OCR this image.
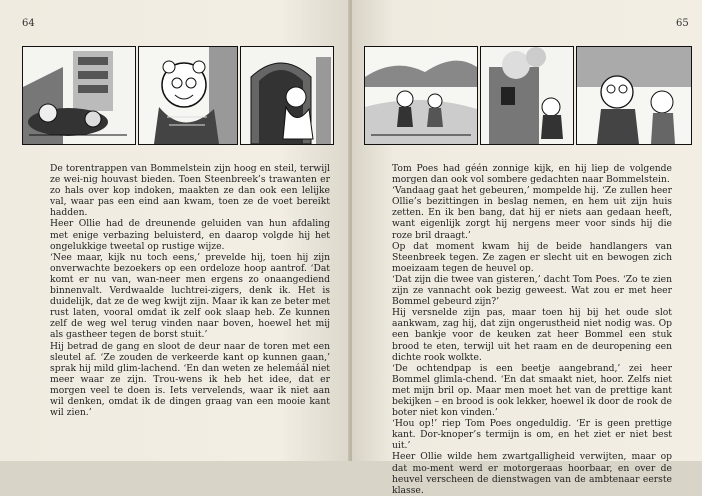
64

De torentrappen van Bommelstein zijn hoog en steil, terwijl ze wei-nig houvast bieden. Toen Steenbreek’s trawanten er zo hals over kop indoken, maakten ze dan ook een lelijke val, waar pas een eind aan kwam, toen ze de voet bereikt hadden.

Heer Ollie had de dreunende geluiden van hun afdaling met enige verbazing beluisterd, en daarop volgde hij het ongelukkige tweetal op rustige wijze.

‘Nee maar, kijk nu toch eens,’ prevelde hij, toen hij zijn onverwachte bezoekers op een ordeloze hoop aantrof. ‘Dat komt er nu van, wan-neer men ergens zo onaangediend binnenvalt. Verdwaalde luchtrei-zigers, denk ik. Het is duidelijk, dat ze de weg kwijt zijn. Maar ik kan ze beter met rust laten, vooral omdat ik zelf ook slaap heb. Ze kunnen zelf de weg wel terug vinden naar boven, hoewel het mij als gastheer tegen de borst stuit.’

Hij betrad de gang en sloot de deur naar de toren met een sleutel af. ‘Ze zouden de verkeerde kant op kunnen gaan,’ sprak hij mild glim-lachend. ‘En dan weten ze helemáál niet meer waar ze zijn. Trou-wens ik heb het idee, dat er morgen veel te doen is. Iets vervelends, waar ik niet aan wil denken, omdat ik de dingen graag van een mooie kant wil zien.’

65

Tom Poes had géén zonnige kijk, en hij liep de volgende morgen dan ook vol sombere gedachten naar Bommelstein.

‘Vandaag gaat het gebeuren,’ mompelde hij. ‘Ze zullen heer Ollie’s bezittingen in beslag nemen, en hem uit zijn huis zetten. En ik ben bang, dat hij er niets aan gedaan heeft, want eigenlijk zorgt hij nergens meer voor sinds hij die roze bril draagt.’

Op dat moment kwam hij de beide handlangers van Steenbreek tegen. Ze zagen er slecht uit en bewogen zich moeizaam tegen de heuvel op.

‘Dat zijn die twee van gisteren,’ dacht Tom Poes. ‘Zo te zien zijn ze vannacht ook bezig geweest. Wat zou er met heer Bommel gebeurd zijn?’

Hij versnelde zijn pas, maar toen hij bij het oude slot aankwam, zag hij, dat zijn ongerustheid niet nodig was. Op een bankje voor de keuken zat heer Bommel een stuk brood te eten, terwijl uit het raam en de deuropening een dichte rook wolkte.

‘De ochtendpap is een beetje aangebrand,’ zei heer Bommel glimla-chend. ‘En dat smaakt niet, hoor. Zelfs niet met mijn bril op. Maar men moet het van de prettige kant bekijken – en brood is ook lekker, hoewel ik door de rook de boter niet kon vinden.’

‘Hou op!’ riep Tom Poes ongeduldig. ‘Er is geen prettige kant. Dor-knoper’s termijn is om, en het ziet er niet best uit.’

Heer Ollie wilde hem zwartgalligheid verwijten, maar op dat mo-ment werd er motorgeraas hoorbaar, en over de heuvel verscheen de dienstwagen van de ambtenaar eerste klasse.
